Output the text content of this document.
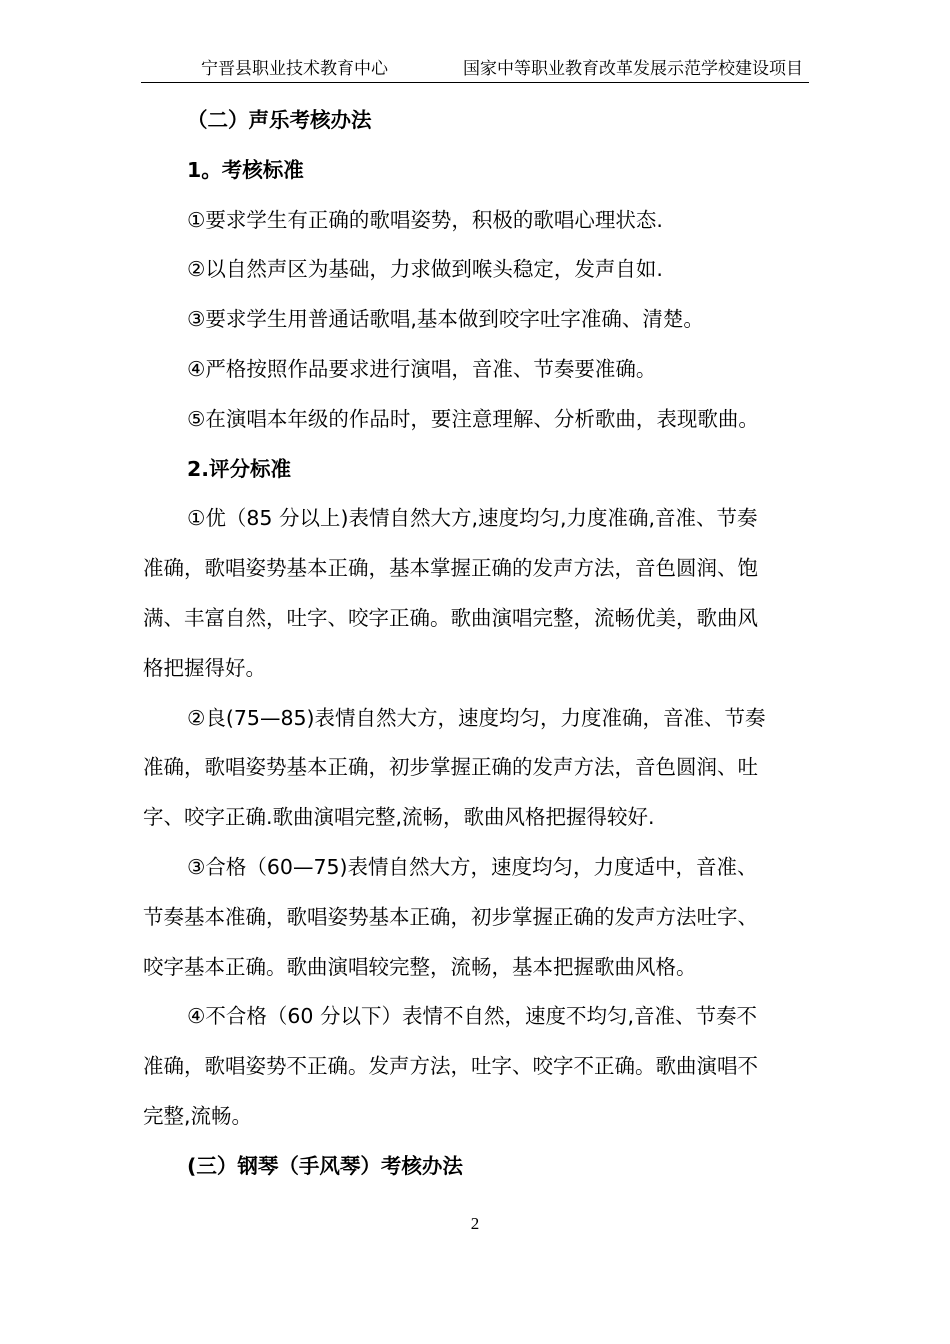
宁晋县职业技术教育中心	国家中等职业教育改革发展示范学校建设项目

（二）声乐考核办法

1。考核标准

①要求学生有正确的歌唱姿势，积极的歌唱心理状态.

②以自然声区为基础，力求做到喉头稳定，发声自如.

③要求学生用普通话歌唱,基本做到咬字吐字准确、清楚。

④严格按照作品要求进行演唱，音准、节奏要准确。

⑤在演唱本年级的作品时，要注意理解、分析歌曲，表现歌曲。

2.评分标准

①优（85 分以上)表情自然大方,速度均匀,力度准确,音准、节奏

准确，歌唱姿势基本正确，基本掌握正确的发声方法，音色圆润、饱

满、丰富自然，吐字、咬字正确。歌曲演唱完整，流畅优美，歌曲风

格把握得好。

②良(75—85)表情自然大方，速度均匀，力度准确，音准、节奏

准确，歌唱姿势基本正确，初步掌握正确的发声方法，音色圆润、吐

字、咬字正确.歌曲演唱完整,流畅，歌曲风格把握得较好.

③合格（60—75)表情自然大方，速度均匀，力度适中，音准、

节奏基本准确，歌唱姿势基本正确，初步掌握正确的发声方法吐字、

咬字基本正确。歌曲演唱较完整，流畅，基本把握歌曲风格。

④不合格（60 分以下）表情不自然，速度不均匀,音准、节奏不

准确，歌唱姿势不正确。发声方法，吐字、咬字不正确。歌曲演唱不

完整,流畅。

(三）钢琴（手风琴）考核办法

2
